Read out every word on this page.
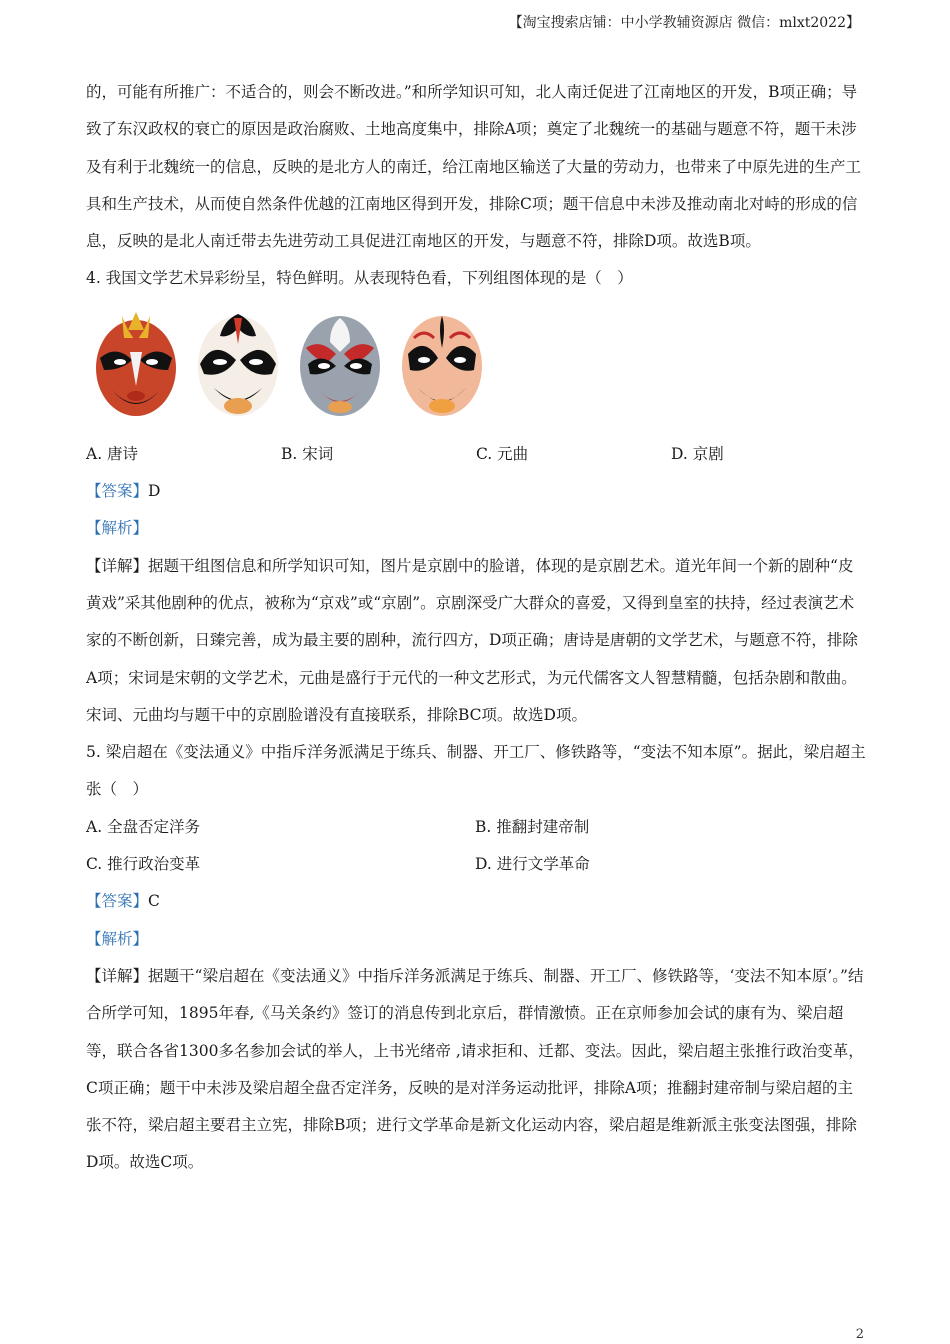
【淘宝搜索店铺：中小学教辅资源店 微信：mlxt2022】

的，可能有所推广：不适合的，则会不断改进。”和所学知识可知，北人南迁促进了江南地区的开发，B项正确；导致了东汉政权的衰亡的原因是政治腐败、土地高度集中，排除A项；奠定了北魏统一的基础与题意不符，题干未涉及有利于北魏统一的信息，反映的是北方人的南迁，给江南地区输送了大量的劳动力，也带来了中原先进的生产工具和生产技术，从而使自然条件优越的江南地区得到开发，排除C项；题干信息中未涉及推动南北对峙的形成的信息，反映的是北人南迁带去先进劳动工具促进江南地区的开发，与题意不符，排除D项。故选B项。

4. 我国文学艺术异彩纷呈，特色鲜明。从表现特色看，下列组图体现的是（　）

A. 唐诗	B. 宋词	C. 元曲	D. 京剧

【答案】D

【解析】

【详解】据题干组图信息和所学知识可知，图片是京剧中的脸谱，体现的是京剧艺术。道光年间一个新的剧种“皮黄戏”采其他剧种的优点，被称为“京戏”或“京剧”。京剧深受广大群众的喜爱，又得到皇室的扶持，经过表演艺术家的不断创新，日臻完善，成为最主要的剧种，流行四方，D项正确；唐诗是唐朝的文学艺术，与题意不符，排除A项；宋词是宋朝的文学艺术，元曲是盛行于元代的一种文艺形式，为元代儒客文人智慧精髓，包括杂剧和散曲。宋词、元曲均与题干中的京剧脸谱没有直接联系，排除BC项。故选D项。

5. 梁启超在《变法通义》中指斥洋务派满足于练兵、制器、开工厂、修铁路等，“变法不知本原”。据此，梁启超主张（　）

A. 全盘否定洋务	B. 推翻封建帝制
C. 推行政治变革	D. 进行文学革命

【答案】C

【解析】

【详解】据题干“梁启超在《变法通义》中指斥洋务派满足于练兵、制器、开工厂、修铁路等，‘变法不知本原’。”结合所学可知，1895年春,《马关条约》签订的消息传到北京后，群情激愤。正在京师参加会试的康有为、梁启超等，联合各省1300多名参加会试的举人，上书光绪帝 ,请求拒和、迁都、变法。因此，梁启超主张推行政治变革，C项正确；题干中未涉及梁启超全盘否定洋务，反映的是对洋务运动批评，排除A项；推翻封建帝制与梁启超的主张不符，梁启超主要君主立宪，排除B项；进行文学革命是新文化运动内容，梁启超是维新派主张变法图强，排除D项。故选C项。

2
